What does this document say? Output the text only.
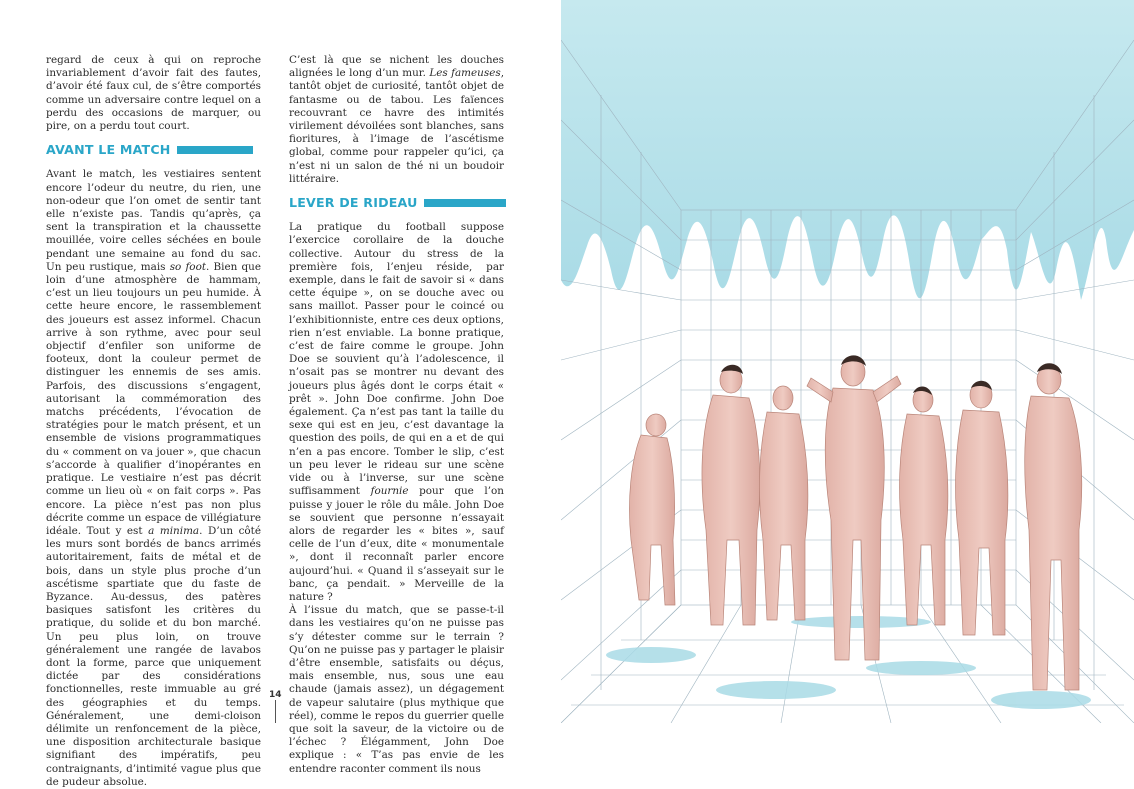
regard de ceux à qui on reproche invariablement d’avoir fait des fautes, d’avoir été faux cul, de s’être comportés comme un adversaire contre lequel on a perdu des occasions de marquer, ou pire, on a perdu tout court.

AVANT LE MATCH

Avant le match, les vestiaires sentent encore l’odeur du neutre, du rien, une non-odeur que l’on omet de sentir tant elle n’existe pas. Tandis qu’après, ça sent la transpiration et la chaussette mouillée, voire celles séchées en boule pendant une semaine au fond du sac. Un peu rustique, mais so foot. Bien que loin d’une atmosphère de hammam, c’est un lieu toujours un peu humide. À cette heure encore, le rassemblement des joueurs est assez informel. Chacun arrive à son rythme, avec pour seul objectif d’enfiler son uniforme de footeux, dont la couleur permet de distinguer les ennemis de ses amis. Parfois, des discussions s’engagent, autorisant la commémoration des matchs précédents, l’évocation de stratégies pour le match présent, et un ensemble de visions programmatiques du « comment on va jouer », que chacun s’accorde à qualifier d’inopérantes en pratique. Le vestiaire n’est pas décrit comme un lieu où « on fait corps ». Pas encore. La pièce n’est pas non plus décrite comme un espace de villégiature idéale. Tout y est a minima. D’un côté les murs sont bordés de bancs arrimés autoritairement, faits de métal et de bois, dans un style plus proche d’un ascétisme spartiate que du faste de Byzance. Au-dessus, des patères basiques satisfont les critères du pratique, du solide et du bon marché. Un peu plus loin, on trouve généralement une rangée de lavabos dont la forme, parce que uniquement dictée par des considérations fonctionnelles, reste immuable au gré des géographies et du temps. Généralement, une demi-cloison délimite un renfoncement de la pièce, une disposition architecturale basique signifiant des impératifs, peu contraignants, d’intimité vague plus que de pudeur absolue.

C’est là que se nichent les douches alignées le long d’un mur. Les fameuses, tantôt objet de curiosité, tantôt objet de fantasme ou de tabou. Les faïences recouvrant ce havre des intimités virilement dévoilées sont blanches, sans fioritures, à l’image de l’ascétisme global, comme pour rappeler qu’ici, ça n’est ni un salon de thé ni un boudoir littéraire.

LEVER DE RIDEAU

La pratique du football suppose l’exercice corollaire de la douche collective. Autour du stress de la première fois, l’enjeu réside, par exemple, dans le fait de savoir si « dans cette équipe », on se douche avec ou sans maillot. Passer pour le coincé ou l’exhibitionniste, entre ces deux options, rien n’est enviable. La bonne pratique, c’est de faire comme le groupe. John Doe se souvient qu’à l’adolescence, il n’osait pas se montrer nu devant des joueurs plus âgés dont le corps était « prêt ». John Doe confirme. John Doe également. Ça n’est pas tant la taille du sexe qui est en jeu, c’est davantage la question des poils, de qui en a et de qui n’en a pas encore. Tomber le slip, c’est un peu lever le rideau sur une scène vide ou à l’inverse, sur une scène suffisamment fournie pour que l’on puisse y jouer le rôle du mâle. John Doe se souvient que personne n’essayait alors de regarder les « bites », sauf celle de l’un d’eux, dite « monumentale », dont il reconnaît parler encore aujourd’hui. « Quand il s’asseyait sur le banc, ça pendait. » Merveille de la nature ?

À l’issue du match, que se passe-t-il dans les vestiaires qu’on ne puisse pas s’y détester comme sur le terrain ? Qu’on ne puisse pas y partager le plaisir d’être ensemble, satisfaits ou déçus, mais ensemble, nus, sous une eau chaude (jamais assez), un dégagement de vapeur salutaire (plus mythique que réel), comme le repos du guerrier quelle que soit la saveur, de la victoire ou de l’échec ? Élégamment, John Doe explique : « T’as pas envie de les entendre raconter comment ils nous

14
